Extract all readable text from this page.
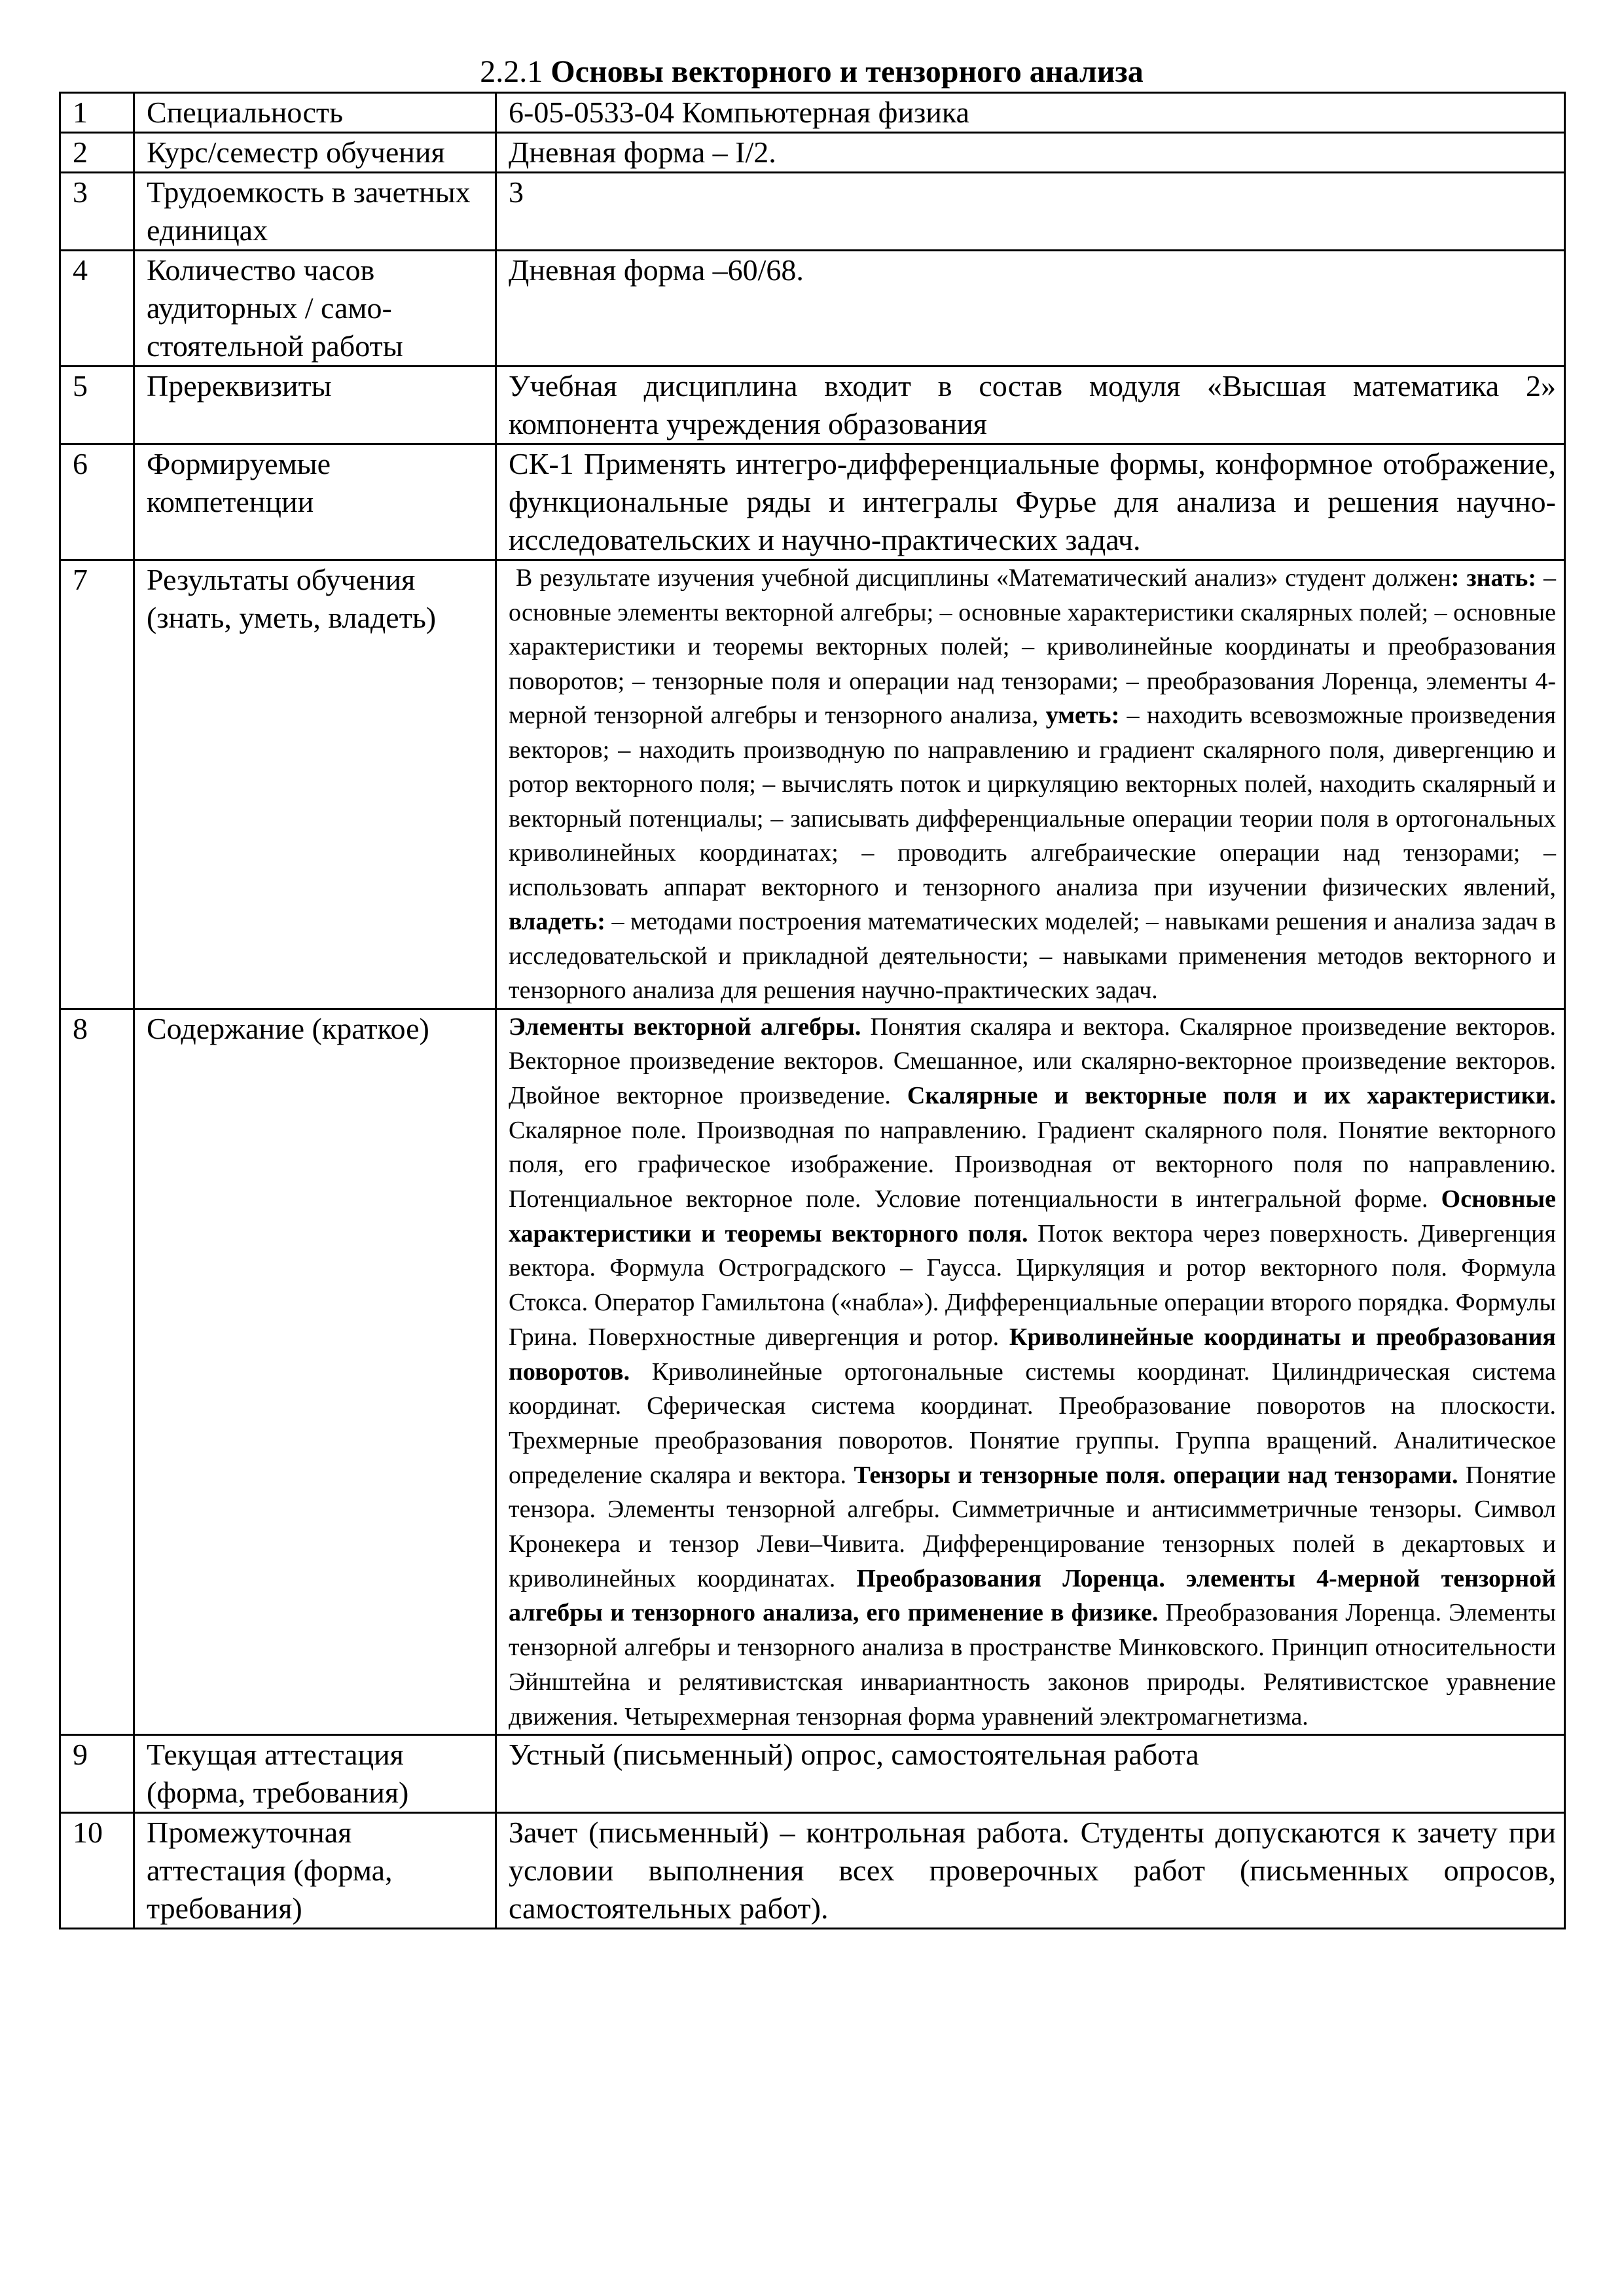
2.2.1 Основы векторного и тензорного анализа
1	Специальность	6-05-0533-04 Компьютерная физика
2	Курс/семестр обучения	Дневная форма – I/2.
3	Трудоемкость в зачетных единицах	3
4	Количество часов аудиторных / само-стоятельной работы	Дневная форма –60/68.
5	Пререквизиты	Учебная дисциплина входит в состав модуля «Высшая математика 2» компонента учреждения образования
6	Формируемые компетенции	СК-1 Применять интегро-дифференциальные формы, конформное отображение, функциональные ряды и интегралы Фурье для анализа и решения научно-исследовательских и научно-практических задач.
7	Результаты обучения (знать, уметь, владеть)	В результате изучения учебной дисциплины «Математический анализ» студент должен: знать: – основные элементы векторной алгебры; – основные характеристики скалярных полей; – основные характеристики и теоремы векторных полей; – криволинейные координаты и преобразования поворотов; – тензорные поля и операции над тензорами; – преобразования Лоренца, элементы 4-мерной тензорной алгебры и тензорного анализа, уметь: – находить всевозможные произведения векторов; – находить производную по направлению и градиент скалярного поля, дивергенцию и ротор векторного поля; – вычислять поток и циркуляцию векторных полей, находить скалярный и векторный потенциалы; – записывать дифференциальные операции теории поля в ортогональных криволинейных координатах; – проводить алгебраические операции над тензорами; – использовать аппарат векторного и тензорного анализа при изучении физических явлений, владеть: – методами построения математических моделей; – навыками решения и анализа задач в исследовательской и прикладной деятельности; – навыками применения методов векторного и тензорного анализа для решения научно-практических задач.

8	Содержание (краткое)	Элементы векторной алгебры. Понятия скаляра и вектора. Скалярное произведение векторов. Векторное произведение векторов. Смешанное, или скалярно-векторное произведение векторов. Двойное векторное произведение. Скалярные и векторные поля и их характеристики. Скалярное поле. Производная по направлению. Градиент скалярного поля. Понятие векторного поля, его графическое изображение. Производная от векторного поля по направлению. Потенциальное векторное поле. Условие потенциальности в интегральной форме. Основные характеристики и теоремы векторного поля. Поток вектора через поверхность. Дивергенция вектора. Формула Остроградского – Гаусса. Циркуляция и ротор векторного поля. Формула Стокса. Оператор Гамильтона («набла»). Дифференциальные операции второго порядка. Формулы Грина. Поверхностные дивергенция и ротор. Криволинейные координаты и преобразования поворотов. Криволинейные ортогональные системы координат. Цилиндрическая система координат. Сферическая система координат. Преобразование поворотов на плоскости. Трехмерные преобразования поворотов. Понятие группы. Группа вращений. Аналитическое определение скаляра и вектора. Тензоры и тензорные поля. операции над тензорами. Понятие тензора. Элементы тензорной алгебры. Симметричные и антисимметричные тензоры. Символ Кронекера и тензор Леви–Чивита. Дифференцирование тензорных полей в декартовых и криволинейных координатах. Преобразования Лоренца. элементы 4-мерной тензорной алгебры и тензорного анализа, его применение в физике. Преобразования Лоренца. Элементы тензорной алгебры и тензорного анализа в пространстве Минковского. Принцип относительности Эйнштейна и релятивистская инвариантность законов природы. Релятивистское уравнение движения. Четырехмерная тензорная форма уравнений электромагнетизма.

9	Текущая аттестация (форма, требования)	Устный (письменный) опрос, самостоятельная работа
10	Промежуточная аттестация (форма, требования)	Зачет (письменный) – контрольная работа. Студенты допускаются к зачету при условии выполнения всех проверочных работ (письменных опросов, самостоятельных работ).
